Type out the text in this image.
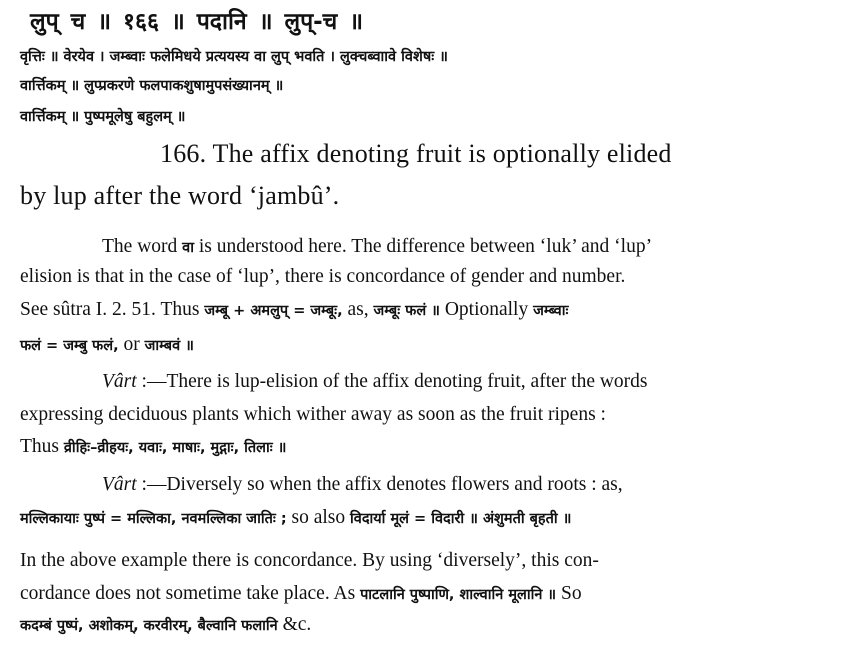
लुप् च ॥ १६६ ॥ पदानि ॥ लुप्-च ॥
वृत्तिः ॥ वेरयेव । जम्ब्वाः फलेमिधये प्रत्ययस्य वा लुप् भवति । लुक्चब्वाावे विशेषः ॥
वार्त्तिकम् ॥ लुप्प्रकरणे फलपाकशुषामुपसंख्यानम् ॥
वार्त्तिकम् ॥ पुष्पमूलेषु बहुलम् ॥
166. The affix denoting fruit is optionally elided
by lup after the word ‘jambû’.
The word वा is understood here. The difference between ‘luk’ and ‘lup’
elision is that in the case of ‘lup’, there is concordance of gender and number.
See sûtra I. 2. 51. Thus जम्बू + अमलुप् = जम्बूः, as, जम्बूः फलं ॥ Optionally जम्ब्वाः
फलं = जम्बु फलं, or जाम्बवं ॥
Vârt :—There is lup-elision of the affix denoting fruit, after the words
expressing deciduous plants which wither away as soon as the fruit ripens :
Thus व्रीहिः–व्रीहयः, यवाः, माषाः, मुद्गाः, तिलाः ॥
Vârt :—Diversely so when the affix denotes flowers and roots : as,
मल्लिकायाः पुष्पं = मल्लिका, नवमल्लिका जातिः ; so also विदार्या मूलं = विदारी ॥ अंशुमती बृहती ॥
In the above example there is concordance. By using ‘diversely’, this con-
cordance does not sometime take place. As पाटलानि पुष्पाणि, शाल्वानि मूलानि ॥ So
कदम्बं पुष्पं, अशोकम्, करवीरम्, बैल्वानि फलानि &c.
